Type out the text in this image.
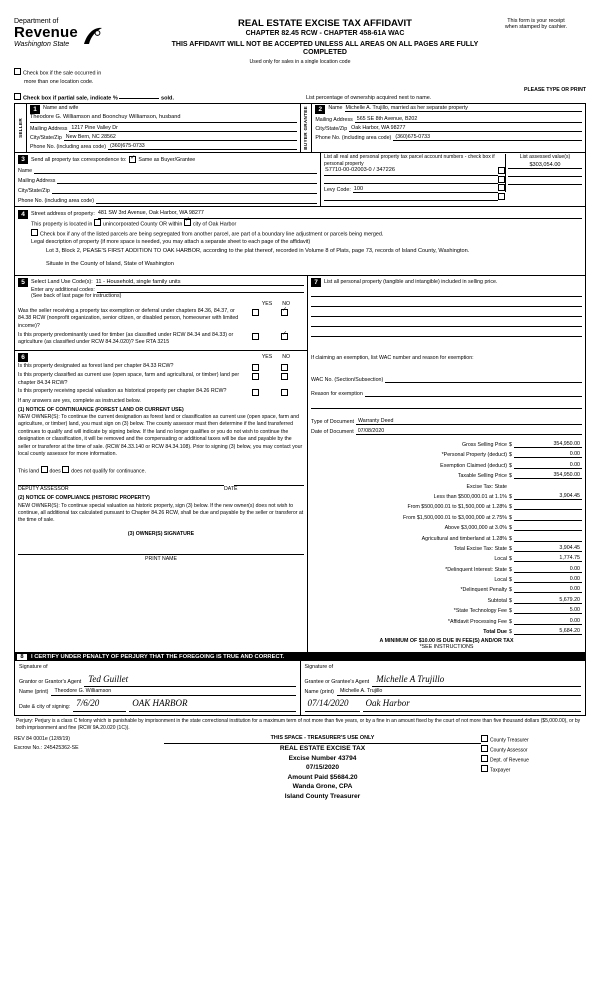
Department of
Revenue
Washington State
REAL ESTATE EXCISE TAX AFFIDAVIT
CHAPTER 82.45 RCW - CHAPTER 458-61A WAC
THIS AFFIDAVIT WILL NOT BE ACCEPTED UNLESS ALL AREAS ON ALL PAGES ARE FULLY COMPLETED
This form is your receipt
when stamped by cashier.
Used only for sales in a single location code
Check box if the sale occurred in
more than one location code.
PLEASE TYPE OR PRINT
Check box if partial sale, indicate %	sold.	List percentage of ownership acquired next to name.
SELLER
1	Name and wife
Theodore G. Williamson and Boonchuy Williamson, husband
Mailing Address 1217 Pine Valley Dr
City/State/Zip New Bern, NC 28562
Phone No. (including area code) (360)675-0733	BUYER GRANTEE	2	Name Michelle A. Trujillo, married as her separate property
Mailing Address 565 SE 8th Avenue, B202
City/State/Zip Oak Harbor, WA 98277
Phone No. (including area code) (360)675-0733
3	Send all property tax correspondence to: ✓ Same as Buyer/Grantee
Name
Mailing Address
City/State/Zip
Phone No. (including area code)
List all real and personal property tax parcel account numbers - check box if personal property
S7710-00-02003-0 / 347226
Levy Code: 100
List assessed value(s)
$303,054.00
4	Street address of property: 481 SW 3rd Avenue, Oak Harbor, WA 98277
This property is located in unincorporated County OR within ✓ city of Oak Harbor
Check box if any of the listed parcels are being segregated from another parcel, are part of a boundary line adjustment or parcels being merged.
Legal description of property (if more space is needed, you may attach a separate sheet to each page of the affidavit)
Lot 3, Block 2, PEASE'S FIRST ADDITION TO OAK HARBOR, according to the plat thereof, recorded in Volume 8 of Plats, page 73, records of Island County, Washington.
Situate in the County of Island, State of Washington
5	Select Land Use Code(s): 11 - Household, single family units
Enter any additional codes:
(See back of last page for instructions)
YES NO
Was the seller receiving a property tax exemption or deferral under chapters 84.36, 84.37, or 84.38 RCW (nonprofit organization, senior citizen, or disabled person, homeowner with limited income)?
✓
Is this property predominantly used for timber (as classified under RCW 84.34 and 84.33) or agriculture (as classified under RCW 84.34.020)? See RTA 3215
✓
6	YES NO
Is this property designated as forest land per chapter 84.33 RCW?
Is this property classified as current use (open space, farm and agricultural, or timber) land per chapter 84.34 RCW?
Is this property receiving special valuation as historical property per chapter 84.26 RCW?
If any answers are yes, complete as instructed below.
(1) NOTICE OF CONTINUANCE (FOREST LAND OR CURRENT USE)
NEW OWNER(S): To continue the current designation as forest land or classification as current use (open space, farm and agriculture, or timber) land, you must sign on (3) below. The county assessor must then determine if the land transferred continues to qualify and will indicate by signing below. If the land no longer qualifies or you do not wish to continue the designation or classification, it will be removed and the compensating or additional taxes will be due and payable by the seller or transferor at the time of sale. (RCW 84.33.140 or RCW 84.34.108). Prior to signing (3) below, you may contact your local county assessor for more information.
This land does does not qualify for continuance.
DEPUTY ASSESSOR	DATE
(2) NOTICE OF COMPLIANCE (HISTORIC PROPERTY)
NEW OWNER(S): To continue special valuation as historic property, sign (3) below. If the new owner(s) does not wish to continue, all additional tax calculated pursuant to Chapter 84.26 RCW, shall be due and payable by the seller or transferor at the time of sale.
(3) OWNER(S) SIGNATURE
PRINT NAME
7	List all personal property (tangible and intangible) included in selling price.
If claiming an exemption, list WAC number and reason for exemption:
WAC No. (Section/Subsection)
Reason for exemption
Type of Document Warranty Deed
Date of Document 07/08/2020
Gross Selling Price $	354,950.00
*Personal Property (deduct) $	0.00
Exemption Claimed (deduct) $	0.00
Taxable Selling Price $	354,950.00
Excise Tax: State
Less than $500,000.01 at 1.1% $	3,904.45
From $500,000.01 to $1,500,000 at 1.28% $
From $1,500,000.01 to $3,000,000 at 2.75% $
Above $3,000,000 at 3.0% $
Agricultural and timberland at 1.28% $
Total Excise Tax: State $	3,904.45
Local $	1,774.75
*Delinquent Interest: State $	0.00
Local $	0.00
*Delinquent Penalty $	0.00
Subtotal $	5,679.20
*State Technology Fee $	5.00
*Affidavit Processing Fee $	0.00
Total Due $	5,684.20
A MINIMUM OF $10.00 IS DUE IN FEE(S) AND/OR TAX
*SEE INSTRUCTIONS
8	I CERTIFY UNDER PENALTY OF PERJURY THAT THE FOREGOING IS TRUE AND CORRECT.
Signature of
Grantor or Grantor's Agent Ted Guillet
Name (print)	Theodore G. Williamson
Date & city of signing: 7/6/20	OAK HARBOR
Signature of
Grantee or Grantee's Agent Michelle A Trujillo
Name (print)	Michelle A. Trujillo
07/14/2020	Oak Harbor
Perjury: Perjury is a class C felony which is punishable by imprisonment in the state correctional institution for a maximum term of not more than five years, or by a fine in an amount fixed by the court of not more than five thousand dollars ($5,000.00), or by both imprisonment and fine (RCW 9A.20.020 (1C)).
REV 84 0001e (12/8/19)
Escrow No.: 245425362-SE
THIS SPACE - TREASURER'S USE ONLY
REAL ESTATE EXCISE TAX
Excise Number 43794
07/15/2020
Amount Paid $5684.20
Wanda Grone, CPA
Island County Treasurer
County Treasurer
County Assessor
Dept. of Revenue
Taxpayer
